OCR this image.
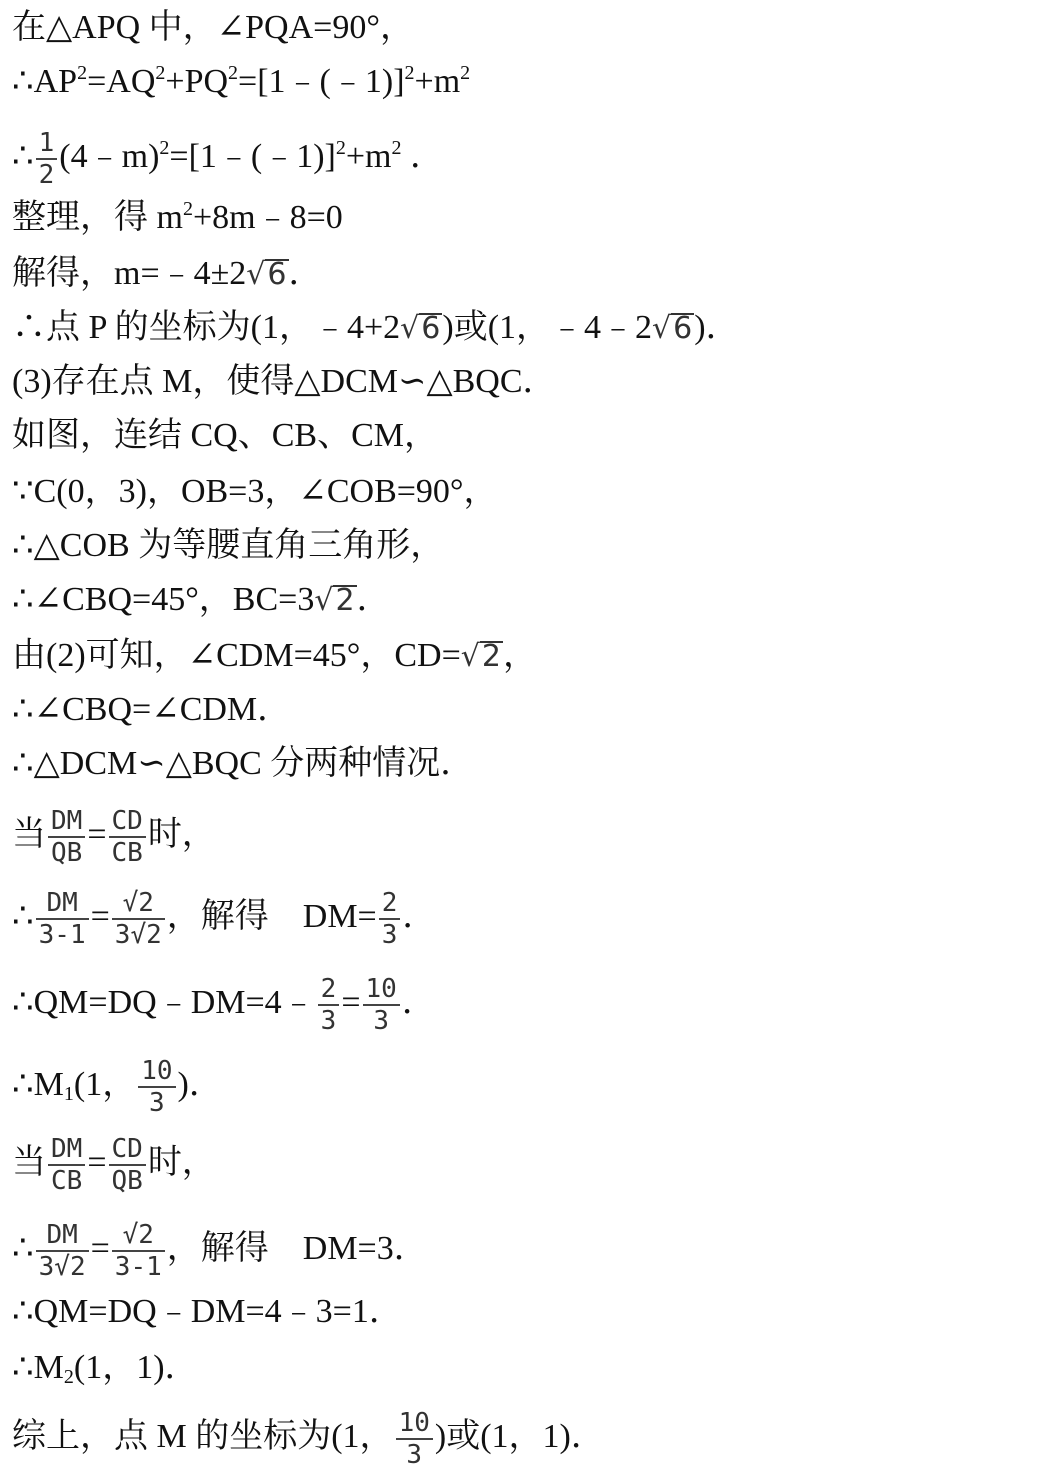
在△APQ 中，∠PQA=90°，
$\therefore AP^2=AQ^2+PQ^2=[1﹣(﹣1)]^2+m^2$
∴ $\frac{1}{2}$ $(4﹣m)^2=[1﹣(﹣1)]^2+m^2$ ．
整理，得 $m^2+8m﹣8=0$
解得，m=﹣4±2√6．
∴点 P 的坐标为(1，﹣4+2√6)或(1，﹣4﹣2√6)．
(3)存在点 M，使得△DCM∽△BQC．
如图，连结 CQ、CB、CM，
∵C(0，3)，OB=3，∠COB=90°，
∴△COB 为等腰直角三角形，
∴∠CBQ=45°，BC=3√2．
由(2)可知，∠CDM=45°，CD=√2，
∴∠CBQ=∠CDM．
∴△DCM∽△BQC 分两种情况．
当 $\frac{DM}{QB} = \frac{CD}{CB}$ 时，
∴ $\frac{DM}{3-1} = \frac{√2}{3√2}$ ，解得　$DM= \frac{2}{3}$ ．
∴QM=DQ﹣DM=4﹣ $\frac{2}{3} = \frac{10}{3}$ ．
$\therefore M_1(1$， $\frac{10}{3}$ )．
当 $\frac{DM}{CB} = \frac{CD}{QB}$ 时，
∴ $\frac{DM}{3√2} = \frac{√2}{3-1}$ ，解得　DM=3．
∴QM=DQ﹣DM=4﹣3=1．
$\therefore M_2(1$，1)．
综上，点 M 的坐标为(1， $\frac{10}{3}$ )或(1，1)．
